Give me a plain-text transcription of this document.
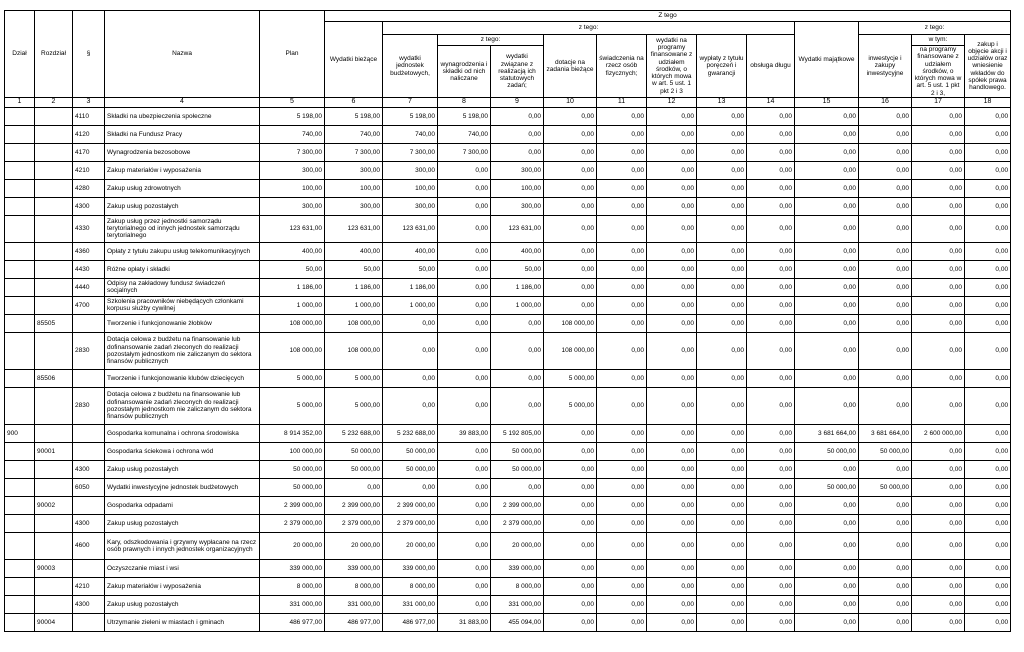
Dział	Rozdział	§	Nazwa	Plan	Z tego												
					Wydatki bieżące	z tego:								Wydatki majątkowe	z tego:		
						wydatki jednostek budżetowych,	z tego:		dotacje na zadania bieżące	świadczenia na rzecz osób fizycznych;	wydatki na programy finansowane z udziałem środków, o których mowa w art. 5 ust. 1 pkt 2 i 3	wypłaty z tytułu poręczeń i gwarancji	obsługa długu		inwestycje i zakupy inwestycyjne	w tym:	zakup i objęcie akcji i udziałów oraz wniesienie wkładów do spółek prawa handlowego.
							wynagrodzenia i składki od nich naliczane	wydatki związane z realizacją ich statutowych zadań;								na programy finansowane z udziałem środków, o których mowa w art. 5 ust. 1 pkt 2 i 3,	
1	2	3	4	5	6	7	8	9	10	11	12	13	14	15	16	17	18
		4110	Składki na ubezpieczenia społeczne	5 198,00	5 198,00	5 198,00	5 198,00	0,00	0,00	0,00	0,00	0,00	0,00	0,00	0,00	0,00	0,00
		4120	Składki na Fundusz Pracy	740,00	740,00	740,00	740,00	0,00	0,00	0,00	0,00	0,00	0,00	0,00	0,00	0,00	0,00
		4170	Wynagrodzenia bezosobowe	7 300,00	7 300,00	7 300,00	7 300,00	0,00	0,00	0,00	0,00	0,00	0,00	0,00	0,00	0,00	0,00
		4210	Zakup materiałów i wyposażenia	300,00	300,00	300,00	0,00	300,00	0,00	0,00	0,00	0,00	0,00	0,00	0,00	0,00	0,00
		4280	Zakup usług zdrowotnych	100,00	100,00	100,00	0,00	100,00	0,00	0,00	0,00	0,00	0,00	0,00	0,00	0,00	0,00
		4300	Zakup usług pozostałych	300,00	300,00	300,00	0,00	300,00	0,00	0,00	0,00	0,00	0,00	0,00	0,00	0,00	0,00
		4330	Zakup usług przez jednostki samorządu terytorialnego od innych jednostek samorządu terytorialnego	123 631,00	123 631,00	123 631,00	0,00	123 631,00	0,00	0,00	0,00	0,00	0,00	0,00	0,00	0,00	0,00
		4360	Opłaty z tytułu zakupu usług telekomunikacyjnych	400,00	400,00	400,00	0,00	400,00	0,00	0,00	0,00	0,00	0,00	0,00	0,00	0,00	0,00
		4430	Różne opłaty i składki	50,00	50,00	50,00	0,00	50,00	0,00	0,00	0,00	0,00	0,00	0,00	0,00	0,00	0,00
		4440	Odpisy na zakładowy fundusz świadczeń socjalnych	1 186,00	1 186,00	1 186,00	0,00	1 186,00	0,00	0,00	0,00	0,00	0,00	0,00	0,00	0,00	0,00
		4700	Szkolenia pracowników niebędących członkami korpusu służby cywilnej	1 000,00	1 000,00	1 000,00	0,00	1 000,00	0,00	0,00	0,00	0,00	0,00	0,00	0,00	0,00	0,00
	85505		Tworzenie i funkcjonowanie żłobków	108 000,00	108 000,00	0,00	0,00	0,00	108 000,00	0,00	0,00	0,00	0,00	0,00	0,00	0,00	0,00
		2830	Dotacja celowa z budżetu na finansowanie lub dofinansowanie zadań zleconych do realizacji pozostałym jednostkom nie zaliczanym do sektora finansów publicznych	108 000,00	108 000,00	0,00	0,00	0,00	108 000,00	0,00	0,00	0,00	0,00	0,00	0,00	0,00	0,00
	85506		Tworzenie i funkcjonowanie klubów dziecięcych	5 000,00	5 000,00	0,00	0,00	0,00	5 000,00	0,00	0,00	0,00	0,00	0,00	0,00	0,00	0,00
		2830	Dotacja celowa z budżetu na finansowanie lub dofinansowanie zadań zleconych do realizacji pozostałym jednostkom nie zaliczanym do sektora finansów publicznych	5 000,00	5 000,00	0,00	0,00	0,00	5 000,00	0,00	0,00	0,00	0,00	0,00	0,00	0,00	0,00
900			Gospodarka komunalna i ochrona środowiska	8 914 352,00	5 232 688,00	5 232 688,00	39 883,00	5 192 805,00	0,00	0,00	0,00	0,00	0,00	3 681 664,00	3 681 664,00	2 600 000,00	0,00
	90001		Gospodarka ściekowa i ochrona wód	100 000,00	50 000,00	50 000,00	0,00	50 000,00	0,00	0,00	0,00	0,00	0,00	50 000,00	50 000,00	0,00	0,00
		4300	Zakup usług pozostałych	50 000,00	50 000,00	50 000,00	0,00	50 000,00	0,00	0,00	0,00	0,00	0,00	0,00	0,00	0,00	0,00
		6050	Wydatki inwestycyjne jednostek budżetowych	50 000,00	0,00	0,00	0,00	0,00	0,00	0,00	0,00	0,00	0,00	50 000,00	50 000,00	0,00	0,00
	90002		Gospodarka odpadami	2 399 000,00	2 399 000,00	2 399 000,00	0,00	2 399 000,00	0,00	0,00	0,00	0,00	0,00	0,00	0,00	0,00	0,00
		4300	Zakup usług pozostałych	2 379 000,00	2 379 000,00	2 379 000,00	0,00	2 379 000,00	0,00	0,00	0,00	0,00	0,00	0,00	0,00	0,00	0,00
		4600	Kary, odszkodowania i grzywny wypłacane na rzecz osób prawnych i innych jednostek organizacyjnych	20 000,00	20 000,00	20 000,00	0,00	20 000,00	0,00	0,00	0,00	0,00	0,00	0,00	0,00	0,00	0,00
	90003		Oczyszczanie miast i wsi	339 000,00	339 000,00	339 000,00	0,00	339 000,00	0,00	0,00	0,00	0,00	0,00	0,00	0,00	0,00	0,00
		4210	Zakup materiałów i wyposażenia	8 000,00	8 000,00	8 000,00	0,00	8 000,00	0,00	0,00	0,00	0,00	0,00	0,00	0,00	0,00	0,00
		4300	Zakup usług pozostałych	331 000,00	331 000,00	331 000,00	0,00	331 000,00	0,00	0,00	0,00	0,00	0,00	0,00	0,00	0,00	0,00
	90004		Utrzymanie zieleni w miastach i gminach	486 977,00	486 977,00	486 977,00	31 883,00	455 094,00	0,00	0,00	0,00	0,00	0,00	0,00	0,00	0,00	0,00
